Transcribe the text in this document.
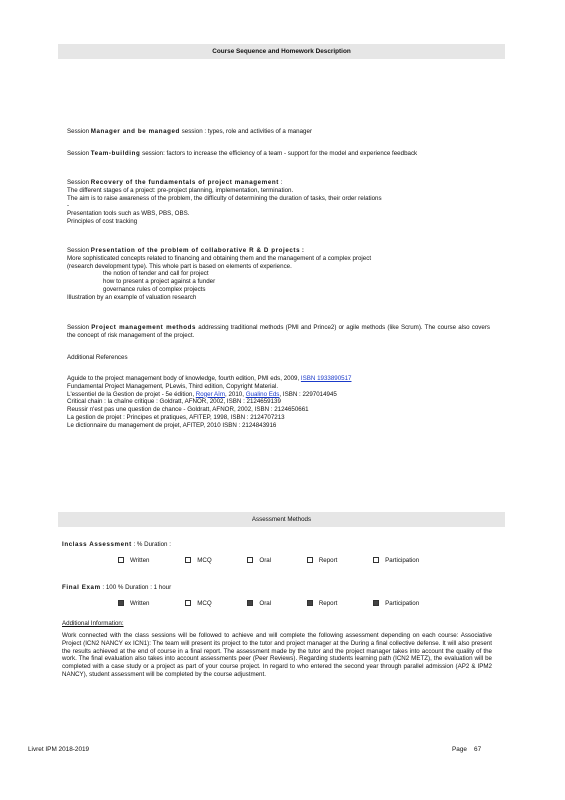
Course Sequence and Homework Description
Session Manager and be managed session : types, role and activities of a manager
Session Team-building session: factors to increase the efficiency of a team - support for the model and experience feedback
Session Recovery of the fundamentals of project management :
The different stages of a project: pre-project planning, implementation, termination.
The aim is to raise awareness of the problem, the difficulty of determining the duration of tasks, their order relations
-
Presentation tools such as WBS, PBS, OBS.
Principles of cost tracking
Session Presentation of the problem of collaborative R & D projects :
More sophisticated concepts related to financing and obtaining them and the management of a complex project
(research development type). This whole part is based on elements of experience.
the notion of tender and call for project
how to present a project against a funder
governance rules of complex projects
Illustration by an example of valuation research
Session Project management methods addressing traditional methods (PMI and Prince2) or agile methods (like Scrum). The course also covers the concept of risk management of the project.
Additional References
Aguide to the project management body of knowledge, fourth edition, PMI eds, 2009, ISBN 1933890517
Fundamental Project Management, PLewis, Third edition, Copyright Material.
L'essentiel de la Gestion de projet - 5e édition, Roger Aïm, 2010, Gualino Eds, ISBN : 2297014945
Critical chain : la chaîne critique : Goldratt, AFNOR, 2002, ISBN : 2124659139
Reussir n'est pas une question de chance - Goldratt, AFNOR, 2002, ISBN : 2124650661
La gestion de projet : Principes et pratiques, AFITEP, 1998, ISBN : 2124707213
Le dictionnaire du management de projet, AFITEP, 2010 ISBN : 2124843916
Assessment Methods
Inclass Assessment : % Duration :
Written	MCQ	Oral	Report	Participation
Final Exam : 100 % Duration : 1 hour
Written	MCQ	Oral	Report	Participation
Additional Information:
Work connected with the class sessions will be followed to achieve and will complete the following assessment depending on each course: Associative Project (ICN2 NANCY ex ICN1): The team will present its project to the tutor and project manager at the During a final collective defense. It will also present the results achieved at the end of course in a final report. The assessment made by the tutor and the project manager takes into account the quality of the work. The final evaluation also takes into account assessments peer (Peer Reviews). Regarding students learning path (ICN2 METZ), the evaluation will be completed with a case study or a project as part of your course project. In regard to who entered the second year through parallel admission (AP2 & IPM2 NANCY), student assessment will be completed by the course adjustment.
Livret IPM 2018-2019	Page 67
